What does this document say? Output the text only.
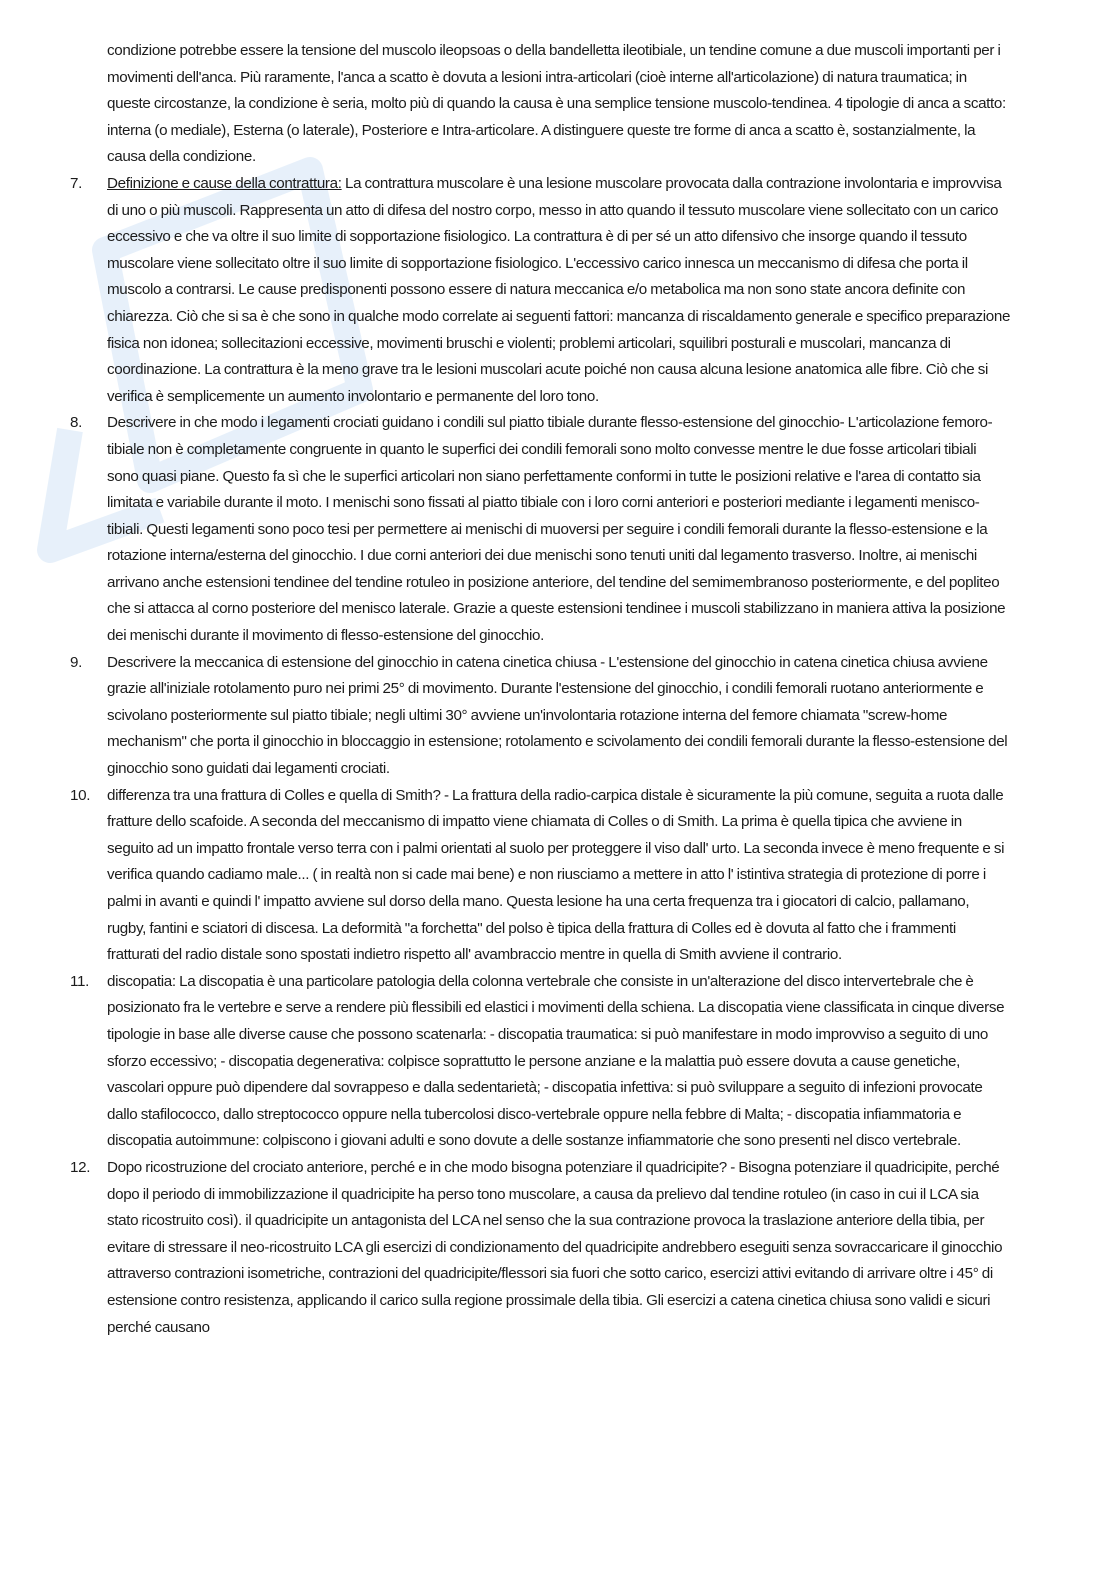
condizione potrebbe essere la tensione del muscolo ileopsoas o della bandelletta ileotibiale, un tendine comune a due muscoli importanti per i movimenti dell'anca. Più raramente, l'anca a scatto è dovuta a lesioni intra-articolari (cioè interne all'articolazione) di natura traumatica; in queste circostanze, la condizione è seria, molto più di quando la causa è una semplice tensione muscolo-tendinea. 4 tipologie di anca a scatto: interna (o mediale), Esterna (o laterale), Posteriore e Intra-articolare. A distinguere queste tre forme di anca a scatto è, sostanzialmente, la causa della condizione.
7.	Definizione e cause della contrattura: La contrattura muscolare è una lesione muscolare provocata dalla contrazione involontaria e improvvisa di uno o più muscoli. Rappresenta un atto di difesa del nostro corpo, messo in atto quando il tessuto muscolare viene sollecitato con un carico eccessivo e che va oltre il suo limite di sopportazione fisiologico. La contrattura è di per sé un atto difensivo che insorge quando il tessuto muscolare viene sollecitato oltre il suo limite di sopportazione fisiologico. L'eccessivo carico innesca un meccanismo di difesa che porta il muscolo a contrarsi. Le cause predisponenti possono essere di natura meccanica e/o metabolica ma non sono state ancora definite con chiarezza. Ciò che si sa è che sono in qualche modo correlate ai seguenti fattori: mancanza di riscaldamento generale e specifico preparazione fisica non idonea; sollecitazioni eccessive, movimenti bruschi e violenti; problemi articolari, squilibri posturali e muscolari, mancanza di coordinazione. La contrattura è la meno grave tra le lesioni muscolari acute poiché non causa alcuna lesione anatomica alle fibre. Ciò che si verifica è semplicemente un aumento involontario e permanente del loro tono.
8.	Descrivere in che modo i legamenti crociati guidano i condili sul piatto tibiale durante flesso-estensione del ginocchio- L'articolazione femoro-tibiale non è completamente congruente in quanto le superfici dei condili femorali sono molto convesse mentre le due fosse articolari tibiali sono quasi piane. Questo fa sì che le superfici articolari non siano perfettamente conformi in tutte le posizioni relative e l'area di contatto sia limitata e variabile durante il moto. I menischi sono fissati al piatto tibiale con i loro corni anteriori e posteriori mediante i legamenti menisco-tibiali. Questi legamenti sono poco tesi per permettere ai menischi di muoversi per seguire i condili femorali durante la flesso-estensione e la rotazione interna/esterna del ginocchio. I due corni anteriori dei due menischi sono tenuti uniti dal legamento trasverso. Inoltre, ai menischi arrivano anche estensioni tendinee del tendine rotuleo in posizione anteriore, del tendine del semimembranoso posteriormente, e del popliteo che si attacca al corno posteriore del menisco laterale. Grazie a queste estensioni tendinee i muscoli stabilizzano in maniera attiva la posizione dei menischi durante il movimento di flesso-estensione del ginocchio.
9.	Descrivere la meccanica di estensione del ginocchio in catena cinetica chiusa - L'estensione del ginocchio in catena cinetica chiusa avviene grazie all'iniziale rotolamento puro nei primi 25° di movimento. Durante l'estensione del ginocchio, i condili femorali ruotano anteriormente e scivolano posteriormente sul piatto tibiale; negli ultimi 30° avviene un'involontaria rotazione interna del femore chiamata "screw-home mechanism" che porta il ginocchio in bloccaggio in estensione; rotolamento e scivolamento dei condili femorali durante la flesso-estensione del ginocchio sono guidati dai legamenti crociati.
10.	differenza tra una frattura di Colles e quella di Smith? - La frattura della radio-carpica distale è sicuramente la più comune, seguita a ruota dalle fratture dello scafoide. A seconda del meccanismo di impatto viene chiamata di Colles o di Smith. La prima è quella tipica che avviene in seguito ad un impatto frontale verso terra con i palmi orientati al suolo per proteggere il viso dall' urto. La seconda invece è meno frequente e si verifica quando cadiamo male... ( in realtà non si cade mai bene) e non riusciamo a mettere in atto l' istintiva strategia di protezione di porre i palmi in avanti e quindi l' impatto avviene sul dorso della mano. Questa lesione ha una certa frequenza tra i giocatori di calcio, pallamano, rugby, fantini e sciatori di discesa. La deformità "a forchetta" del polso è tipica della frattura di Colles ed è dovuta al fatto che i frammenti fratturati del radio distale sono spostati indietro rispetto all' avambraccio mentre in quella di Smith avviene il contrario.
11.	discopatia: La discopatia è una particolare patologia della colonna vertebrale che consiste in un'alterazione del disco intervertebrale che è posizionato fra le vertebre e serve a rendere più flessibili ed elastici i movimenti della schiena. La discopatia viene classificata in cinque diverse tipologie in base alle diverse cause che possono scatenarla: - discopatia traumatica: si può manifestare in modo improvviso a seguito di uno sforzo eccessivo; - discopatia degenerativa: colpisce soprattutto le persone anziane e la malattia può essere dovuta a cause genetiche, vascolari oppure può dipendere dal sovrappeso e dalla sedentarietà; - discopatia infettiva: si può sviluppare a seguito di infezioni provocate dallo stafilococco, dallo streptococco oppure nella tubercolosi disco-vertebrale oppure nella febbre di Malta; - discopatia infiammatoria e discopatia autoimmune: colpiscono i giovani adulti e sono dovute a delle sostanze infiammatorie che sono presenti nel disco vertebrale.
12.	Dopo ricostruzione del crociato anteriore, perché e in che modo bisogna potenziare il quadricipite? - Bisogna potenziare il quadricipite, perché dopo il periodo di immobilizzazione il quadricipite ha perso tono muscolare, a causa da prelievo dal tendine rotuleo (in caso in cui il LCA sia stato ricostruito così). il quadricipite un antagonista del LCA nel senso che la sua contrazione provoca la traslazione anteriore della tibia, per evitare di stressare il neo-ricostruito LCA gli esercizi di condizionamento del quadricipite andrebbero eseguiti senza sovraccaricare il ginocchio attraverso contrazioni isometriche, contrazioni del quadricipite/flessori sia fuori che sotto carico, esercizi attivi evitando di arrivare oltre i 45° di estensione contro resistenza, applicando il carico sulla regione prossimale della tibia. Gli esercizi a catena cinetica chiusa sono validi e sicuri perché causano
